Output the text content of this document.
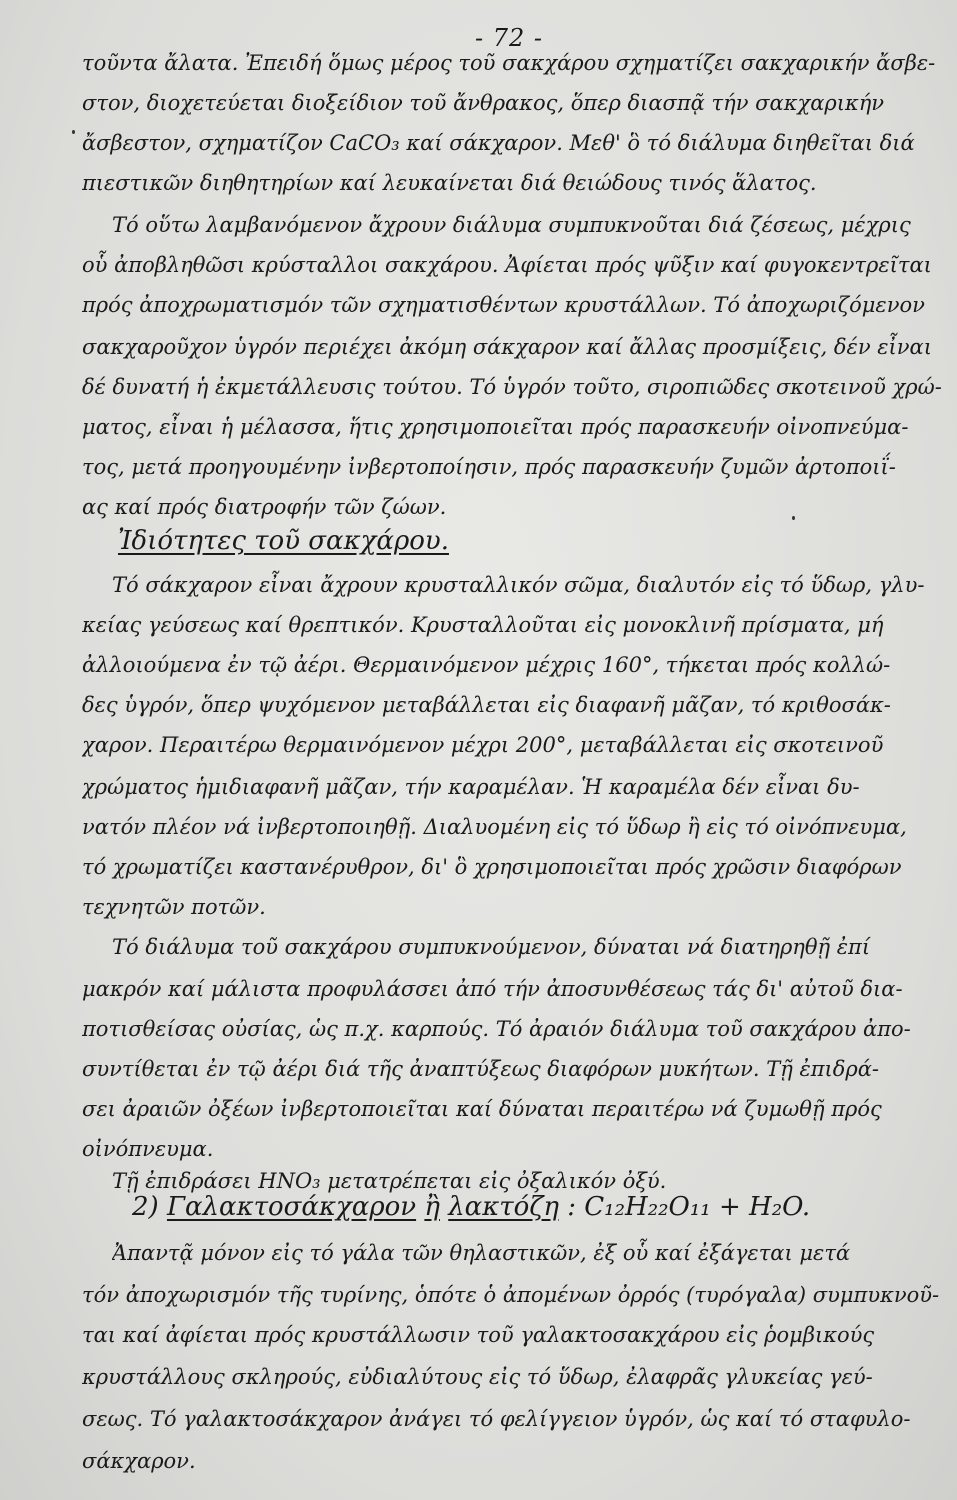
- 72 -
τοῦντα ἄλατα. Ἐπειδή ὅμως μέρος τοῦ σακχάρου σχηματίζει σακχαρικήν ἄσβε-
στον, διοχετεύεται διοξείδιον τοῦ ἄνθρακος, ὅπερ διασπᾷ τήν σακχαρικήν
ἄσβεστον, σχηματίζον CaCO₃ καί σάκχαρον. Μεθ' ὃ τό διάλυμα διηθεῖται διά
πιεστικῶν διηθητηρίων καί λευκαίνεται διά θειώδους τινός ἅλατος.
Τό οὕτω λαμβανόμενον ἄχρουν διάλυμα συμπυκνοῦται διά ζέσεως, μέχρις
οὗ ἀποβληθῶσι κρύσταλλοι σακχάρου. Ἀφίεται πρός ψῦξιν καί φυγοκεντρεῖται
πρός ἀποχρωματισμόν τῶν σχηματισθέντων κρυστάλλων. Τό ἀποχωριζόμενον
σακχαροῦχον ὑγρόν περιέχει ἀκόμη σάκχαρον καί ἄλλας προσμίξεις, δέν εἶναι
δέ δυνατή ἡ ἐκμετάλλευσις τούτου. Τό ὑγρόν τοῦτο, σιροπιῶδες σκοτεινοῦ χρώ-
ματος, εἶναι ἡ μέλασσα, ἥτις χρησιμοποιεῖται πρός παρασκευήν οἰνοπνεύμα-
τος, μετά προηγουμένην ἰνβερτοποίησιν, πρός παρασκευήν ζυμῶν ἀρτοποιΐ-
ας καί πρός διατροφήν τῶν ζώων.
Ἰδιότητες τοῦ σακχάρου.
Τό σάκχαρον εἶναι ἄχρουν κρυσταλλικόν σῶμα, διαλυτόν εἰς τό ὕδωρ, γλυ-
κείας γεύσεως καί θρεπτικόν. Κρυσταλλοῦται εἰς μονοκλινῆ πρίσματα, μή
ἀλλοιούμενα ἐν τῷ ἀέρι. Θερμαινόμενον μέχρις 160°, τήκεται πρός κολλώ-
δες ὑγρόν, ὅπερ ψυχόμενον μεταβάλλεται εἰς διαφανῆ μᾶζαν, τό κριθοσάκ-
χαρον. Περαιτέρω θερμαινόμενον μέχρι 200°, μεταβάλλεται εἰς σκοτεινοῦ
χρώματος ἡμιδιαφανῆ μᾶζαν, τήν καραμέλαν. Ἡ καραμέλα δέν εἶναι δυ-
νατόν πλέον νά ἰνβερτοποιηθῇ. Διαλυομένη εἰς τό ὕδωρ ἢ εἰς τό οἰνόπνευμα,
τό χρωματίζει καστανέρυθρον, δι' ὃ χρησιμοποιεῖται πρός χρῶσιν διαφόρων
τεχνητῶν ποτῶν.
Τό διάλυμα τοῦ σακχάρου συμπυκνούμενον, δύναται νά διατηρηθῇ ἐπί
μακρόν καί μάλιστα προφυλάσσει ἀπό τήν ἀποσυνθέσεως τάς δι' αὐτοῦ δια-
ποτισθείσας οὐσίας, ὡς π.χ. καρπούς. Τό ἀραιόν διάλυμα τοῦ σακχάρου ἀπο-
συντίθεται ἐν τῷ ἀέρι διά τῆς ἀναπτύξεως διαφόρων μυκήτων. Τῇ ἐπιδρά-
σει ἀραιῶν ὀξέων ἰνβερτοποιεῖται καί δύναται περαιτέρω νά ζυμωθῇ πρός
οἰνόπνευμα.
Τῇ ἐπιδράσει HNO₃ μετατρέπεται εἰς ὀξαλικόν ὀξύ.
2) Γαλακτοσάκχαρον ἢ λακτόζη : C₁₂H₂₂O₁₁ + H₂O.
Ἀπαντᾷ μόνον εἰς τό γάλα τῶν θηλαστικῶν, ἐξ οὗ καί ἐξάγεται μετά
τόν ἀποχωρισμόν τῆς τυρίνης, ὁπότε ὁ ἀπομένων ὀρρός (τυρόγαλα) συμπυκνοῦ-
ται καί ἀφίεται πρός κρυστάλλωσιν τοῦ γαλακτοσακχάρου εἰς ῥομβικούς
κρυστάλλους σκληρούς, εὐδιαλύτους εἰς τό ὕδωρ, ἐλαφρᾶς γλυκείας γεύ-
σεως. Τό γαλακτοσάκχαρον ἀνάγει τό φελίγγειον ὑγρόν, ὡς καί τό σταφυλο-
σάκχαρον.
